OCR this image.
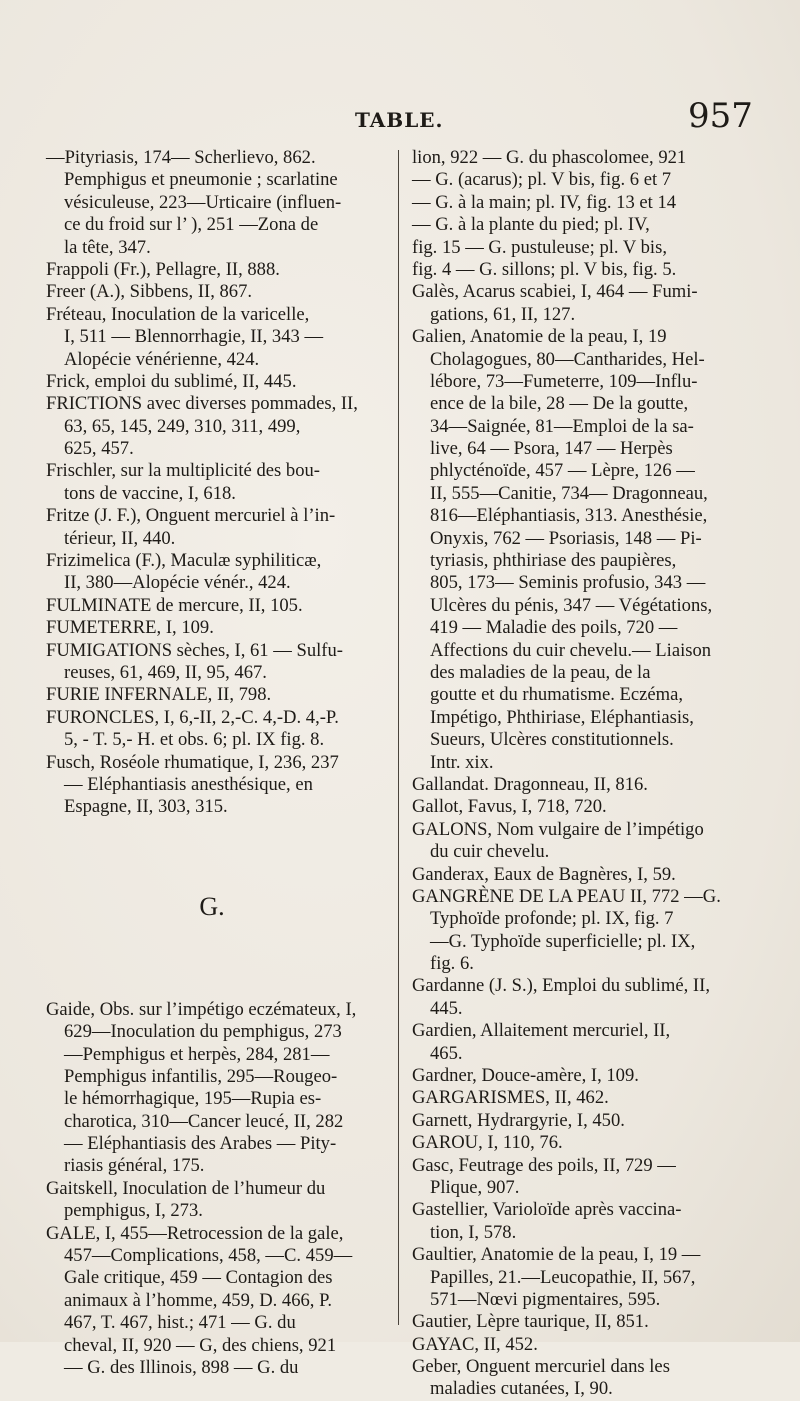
TABLE.	957
—Pityriasis, 174— Scherlievo, 862.
Pemphigus et pneumonie ; scarlatine
vésiculeuse, 223—Urticaire (influen-
ce du froid sur l’ ), 251 —Zona de
la tête, 347.
Frappoli (Fr.), Pellagre, II, 888.
Freer (A.), Sibbens, II, 867.
Fréteau, Inoculation de la varicelle,
I, 511 — Blennorrhagie, II, 343 —
Alopécie vénérienne, 424.
Frick, emploi du sublimé, II, 445.
FRICTIONS avec diverses pommades, II,
63, 65, 145, 249, 310, 311, 499,
625, 457.
Frischler, sur la multiplicité des bou-
tons de vaccine, I, 618.
Fritze (J. F.), Onguent mercuriel à l’in-
térieur, II, 440.
Frizimelica (F.), Maculæ syphiliticæ,
II, 380—Alopécie vénér., 424.
FULMINATE de mercure, II, 105.
FUMETERRE, I, 109.
FUMIGATIONS sèches, I, 61 — Sulfu-
reuses, 61, 469, II, 95, 467.
FURIE INFERNALE, II, 798.
FURONCLES, I, 6,-II, 2,-C. 4,-D. 4,-P.
5, - T. 5,- H. et obs. 6; pl. IX fig. 8.
Fusch, Roséole rhumatique, I, 236, 237
— Eléphantiasis anesthésique, en
Espagne, II, 303, 315.
G.
Gaide, Obs. sur l’impétigo eczémateux, I,
629—Inoculation du pemphigus, 273
—Pemphigus et herpès, 284, 281—
Pemphigus infantilis, 295—Rougeo-
le hémorrhagique, 195—Rupia es-
charotica, 310—Cancer leucé, II, 282
— Eléphantiasis des Arabes — Pity-
riasis général, 175.
Gaitskell, Inoculation de l’humeur du
pemphigus, I, 273.
GALE, I, 455—Retrocession de la gale,
457—Complications, 458, —C. 459—
Gale critique, 459 — Contagion des
animaux à l’homme, 459, D. 466, P.
467, T. 467, hist.; 471 — G. du
cheval, II, 920 — G, des chiens, 921
— G. des Illinois, 898 — G. du
lion, 922 — G. du phascolomee, 921
— G. (acarus); pl. V bis, fig. 6 et 7
— G. à la main; pl. IV, fig. 13 et 14
— G. à la plante du pied; pl. IV,
fig. 15 — G. pustuleuse; pl. V bis,
fig. 4 — G. sillons; pl. V bis, fig. 5.
Galès, Acarus scabiei, I, 464 — Fumi-
gations, 61, II, 127.
Galien, Anatomie de la peau, I, 19
Cholagogues, 80—Cantharides, Hel-
lébore, 73—Fumeterre, 109—Influ-
ence de la bile, 28 — De la goutte,
34—Saignée, 81—Emploi de la sa-
live, 64 — Psora, 147 — Herpès
phlycténoïde, 457 — Lèpre, 126 —
II, 555—Canitie, 734— Dragonneau,
816—Eléphantiasis, 313. Anesthésie,
Onyxis, 762 — Psoriasis, 148 — Pi-
tyriasis, phthiriase des paupières,
805, 173— Seminis profusio, 343 —
Ulcères du pénis, 347 — Végétations,
419 — Maladie des poils, 720 —
Affections du cuir chevelu.— Liaison
des maladies de la peau, de la
goutte et du rhumatisme. Eczéma,
Impétigo, Phthiriase, Eléphantiasis,
Sueurs, Ulcères constitutionnels.
Intr. xix.
Gallandat. Dragonneau, II, 816.
Gallot, Favus, I, 718, 720.
GALONS, Nom vulgaire de l’impétigo
du cuir chevelu.
Ganderax, Eaux de Bagnères, I, 59.
GANGRÈNE DE LA PEAU II, 772 —G.
Typhoïde profonde; pl. IX, fig. 7
—G. Typhoïde superficielle; pl. IX,
fig. 6.
Gardanne (J. S.), Emploi du sublimé, II,
445.
Gardien, Allaitement mercuriel, II,
465.
Gardner, Douce-amère, I, 109.
GARGARISMES, II, 462.
Garnett, Hydrargyrie, I, 450.
GAROU, I, 110, 76.
Gasc, Feutrage des poils, II, 729 —
Plique, 907.
Gastellier, Varioloïde après vaccina-
tion, I, 578.
Gaultier, Anatomie de la peau, I, 19 —
Papilles, 21.—Leucopathie, II, 567,
571—Nœvi pigmentaires, 595.
Gautier, Lèpre taurique, II, 851.
GAYAC, II, 452.
Geber, Onguent mercuriel dans les
maladies cutanées, I, 90.
